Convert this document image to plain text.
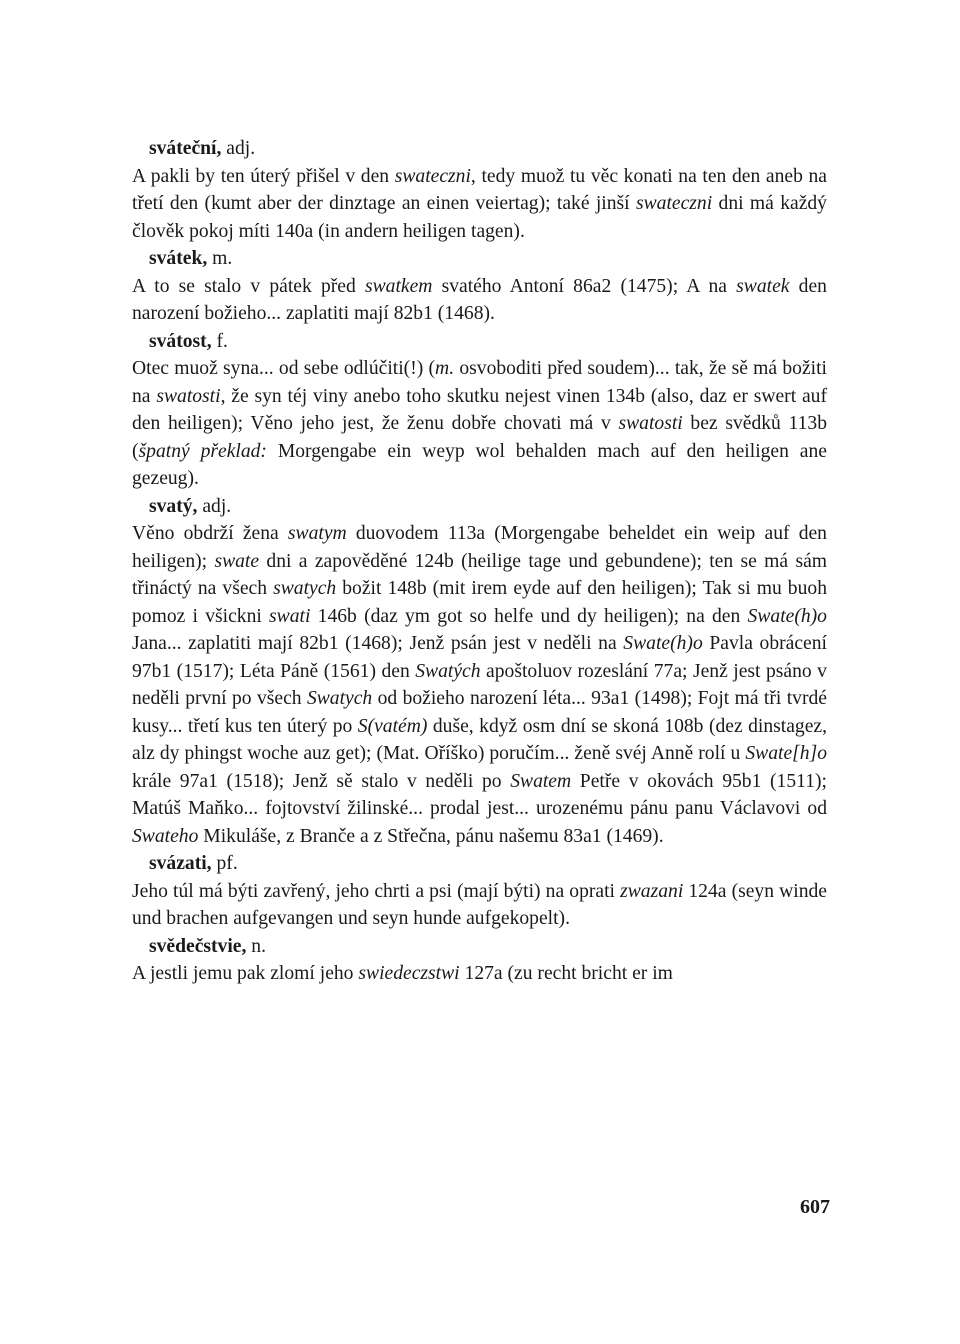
sváteční, adj.
A pakli by ten úterý přišel v den swateczni, tedy muož tu věc konati na ten den aneb na třetí den (kumt aber der dinztage an einen veiertag); také jinší swateczni dni má každý člověk pokoj míti 140a (in andern heiligen tagen).
svátek, m.
A to se stalo v pátek před swatkem svatého Antoní 86a2 (1475); A na swatek den narození božieho... zaplatiti mají 82b1 (1468).
svátost, f.
Otec muož syna... od sebe odlúčiti(!) (m. osvoboditi před soudem)... tak, že sě má božiti na swatosti, že syn téj viny anebo toho skutku nejest vinen 134b (also, daz er swert auf den heiligen); Věno jeho jest, že ženu dobře chovati má v swatosti bez svědků 113b (špatný překlad: Morgengabe ein weyp wol behalden mach auf den heiligen ane gezeug).
svatý, adj.
Věno obdrží žena swatym duovodem 113a (Morgengabe beheldet ein weip auf den heiligen); swate dni a zapověděné 124b (heilige tage und gebundene); ten se má sám třináctý na všech swatych božit 148b (mit irem eyde auf den heiligen); Tak si mu buoh pomoz i všickni swati 146b (daz ym got so helfe und dy heiligen); na den Swate(h)o Jana... zaplatiti mají 82b1 (1468); Jenž psán jest v neděli na Swate(h)o Pavla obrácení 97b1 (1517); Léta Páně (1561) den Swatých apoštoluov rozeslání 77a; Jenž jest psáno v neděli první po všech Swatych od božieho narození léta... 93a1 (1498); Fojt má tři tvrdé kusy... třetí kus ten úterý po S(vatém) duše, když osm dní se skoná 108b (dez dinstagez, alz dy phingst woche auz get); (Mat. Oříško) poručím... ženě svéj Anně rolí u Swate[h]o krále 97a1 (1518); Jenž sě stalo v neděli po Swatem Petře v okovách 95b1 (1511); Matúš Maňko... fojtovství žilinské... prodal jest... urozenému pánu panu Václavovi od Swateho Mikuláše, z Branče a z Střečna, pánu našemu 83a1 (1469).
svázati, pf.
Jeho túl má býti zavřený, jeho chrti a psi (mají býti) na oprati zwazani 124a (seyn winde und brachen aufgevangen und seyn hunde aufgekopelt).
svědečstvie, n.
A jestli jemu pak zlomí jeho swiedeczstwi 127a (zu recht bricht er im
607
